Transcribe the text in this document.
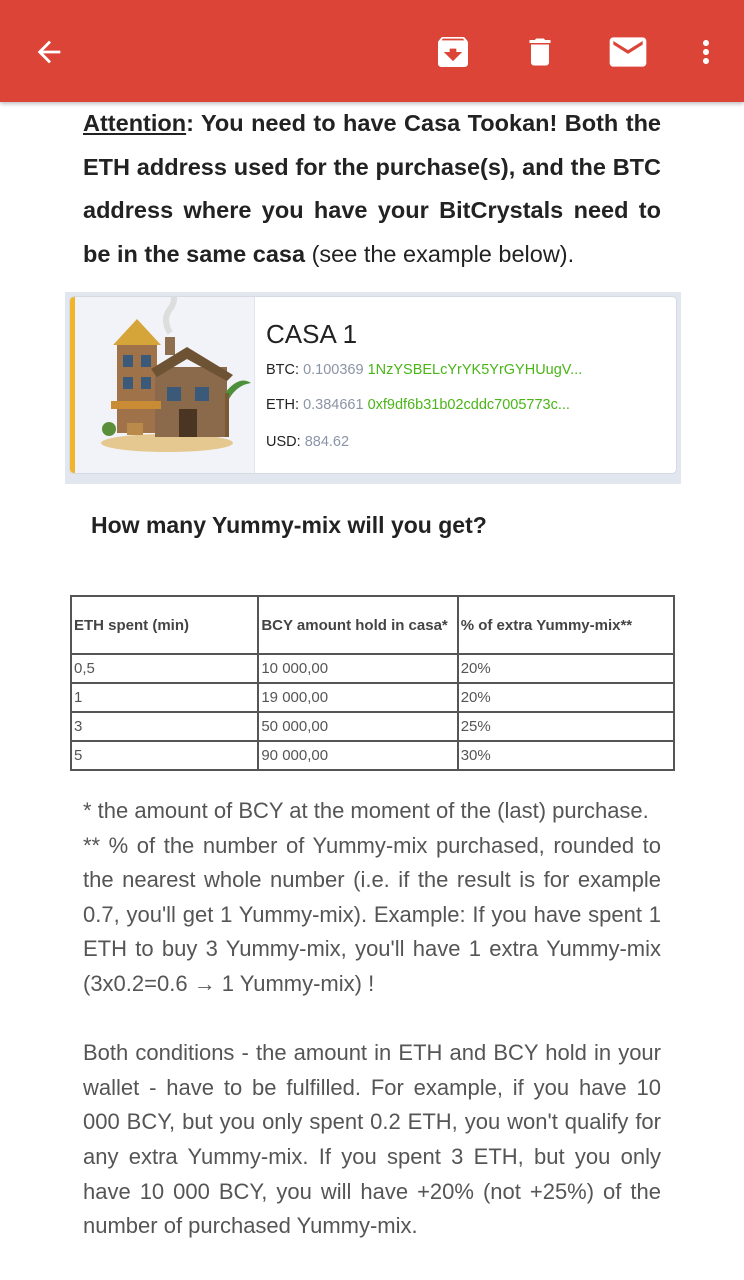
Attention: You need to have Casa Tookan! Both the ETH address used for the purchase(s), and the BTC address where you have your BitCrystals need to be in the same casa (see the example below).
CASA 1
BTC: 0.100369 1NzYSBELcYrYK5YrGYHUugV...
ETH: 0.384661 0xf9df6b31b02cddc7005773c...
USD: 884.62
How many Yummy-mix will you get?
ETH spent (min)	BCY amount hold in casa*	% of extra Yummy-mix**
0,5	10 000,00	20%
1	19 000,00	20%
3	50 000,00	25%
5	90 000,00	30%

* the amount of BCY at the moment of the (last) purchase.

** % of the number of Yummy-mix purchased, rounded to the nearest whole number (i.e. if the result is for example 0.7, you'll get 1 Yummy-mix). Example: If you have spent 1 ETH to buy 3 Yummy-mix, you'll have 1 extra Yummy-mix (3x0.2=0.6 → 1 Yummy-mix) !

Both conditions - the amount in ETH and BCY hold in your wallet - have to be fulfilled. For example, if you have 10 000 BCY, but you only spent 0.2 ETH, you won't qualify for any extra Yummy-mix. If you spent 3 ETH, but you only have 10 000 BCY, you will have +20% (not +25%) of the number of purchased Yummy-mix.
